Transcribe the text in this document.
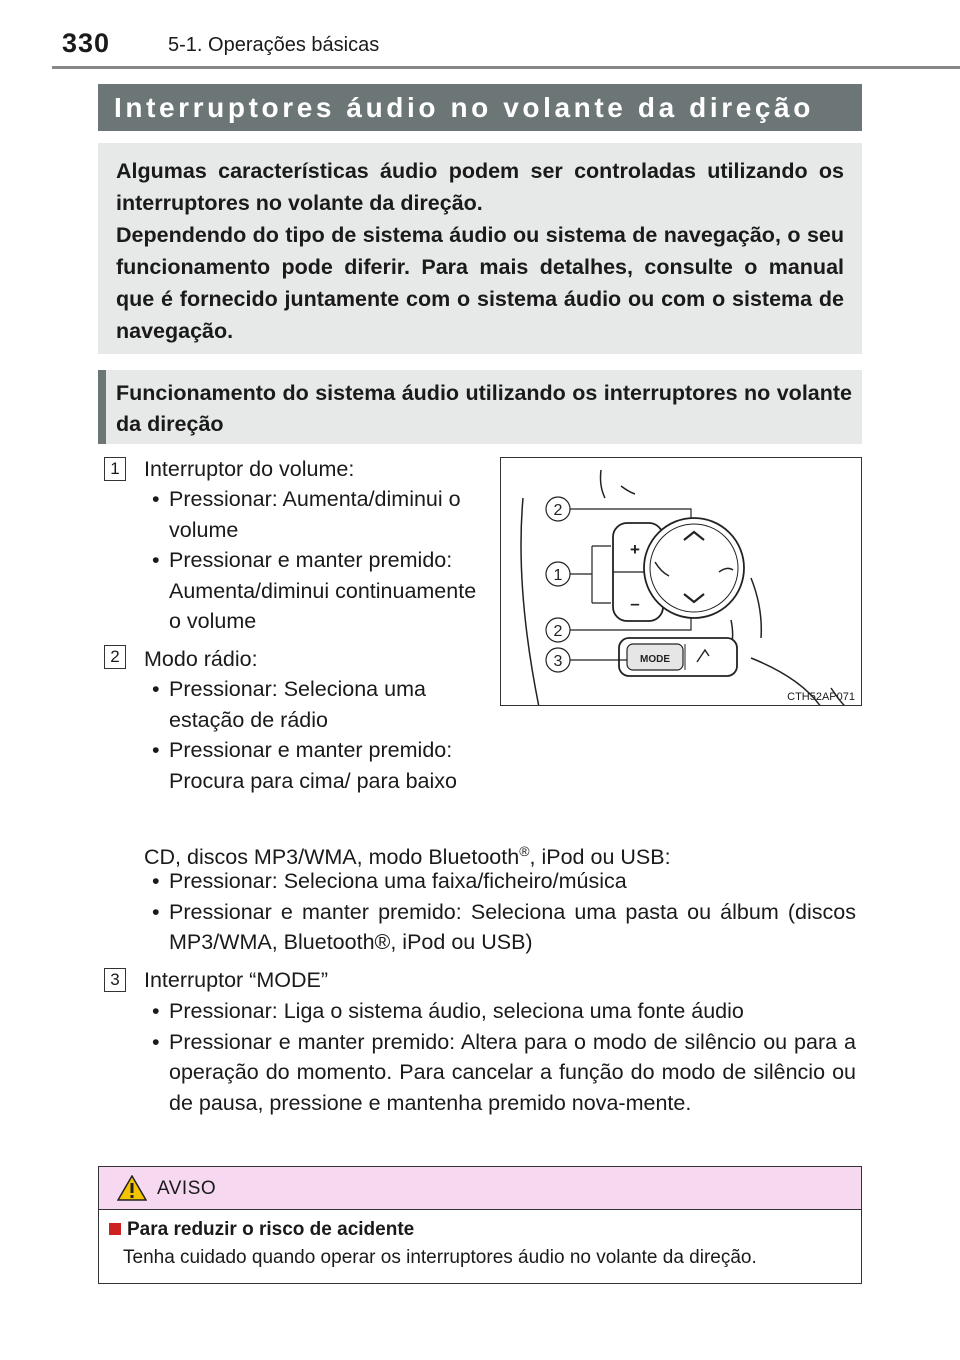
330	5-1. Operações básicas
Interruptores áudio no volante da direção

Algumas características áudio podem ser controladas utilizando os interruptores no volante da direção.

Dependendo do tipo de sistema áudio ou sistema de navegação, o seu funcionamento pode diferir. Para mais detalhes, consulte o manual que é fornecido juntamente com o sistema áudio ou com o sistema de navegação.

Funcionamento do sistema áudio utilizando os interruptores no volante da direção

1 Interruptor do volume:
• Pressionar: Aumenta/diminui o volume
• Pressionar e manter premido: Aumenta/diminui continuamente o volume
2 Modo rádio:
• Pressionar: Seleciona uma estação de rádio
• Pressionar e manter premido: Procura para cima/ para baixo
CD, discos MP3/WMA, modo Bluetooth®, iPod ou USB:
• Pressionar: Seleciona uma faixa/ficheiro/música
• Pressionar e manter premido: Seleciona uma pasta ou álbum (discos MP3/WMA, Bluetooth®, iPod ou USB)
3 Interruptor “MODE”
• Pressionar: Liga o sistema áudio, seleciona uma fonte áudio
• Pressionar e manter premido: Altera para o modo de silêncio ou para a operação do momento. Para cancelar a função do modo de silêncio ou de pausa, pressione e mantenha premido nova-mente.
2
1
2
3
+
–
MODE
CTH52AP071
AVISO
Para reduzir o risco de acidente
Tenha cuidado quando operar os interruptores áudio no volante da direção.
